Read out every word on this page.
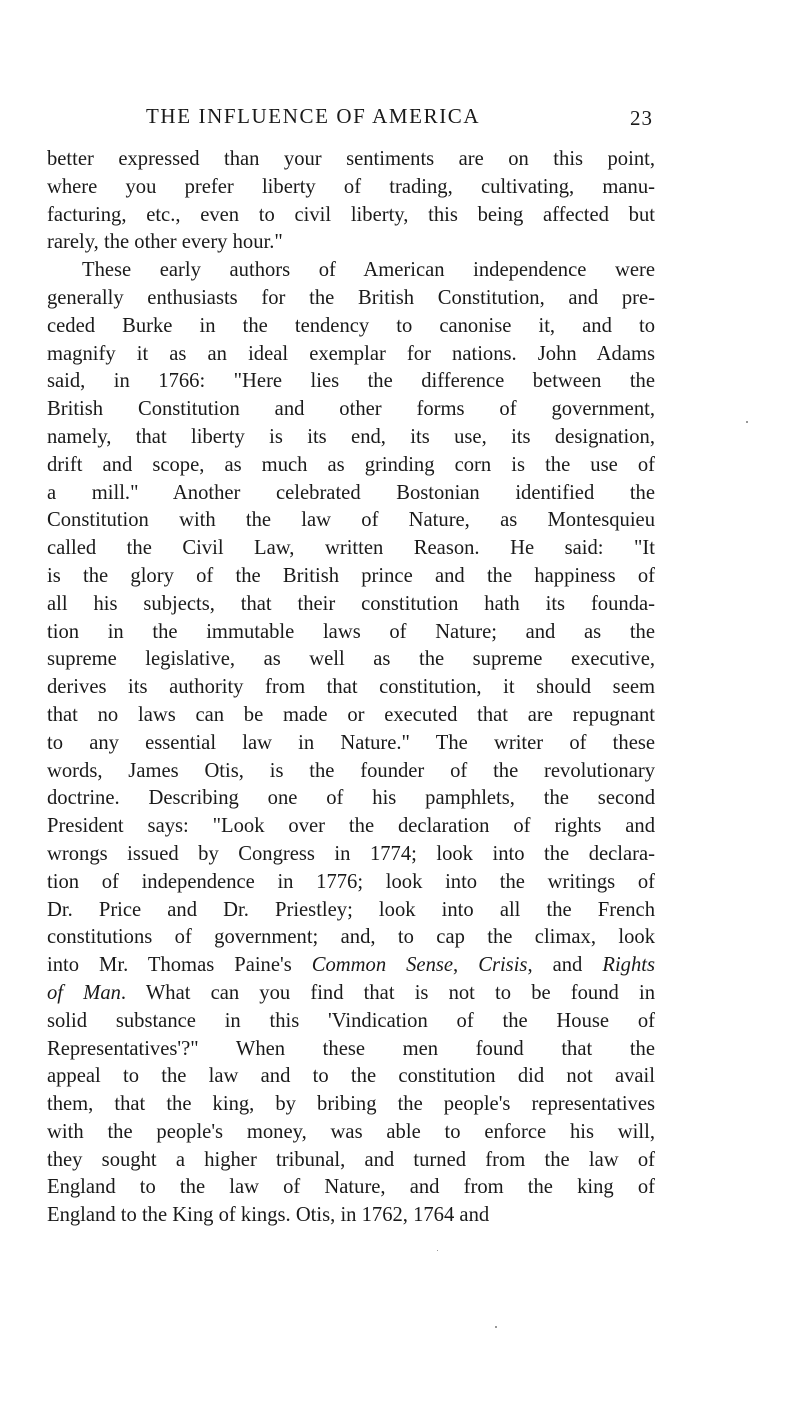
THE INFLUENCE OF AMERICA	23
better expressed than your sentiments are on this point,
where you prefer liberty of trading, cultivating, manu-
facturing, etc., even to civil liberty, this being affected but
rarely, the other every hour."
These early authors of American independence were
generally enthusiasts for the British Constitution, and pre-
ceded Burke in the tendency to canonise it, and to
magnify it as an ideal exemplar for nations. John Adams
said, in 1766: "Here lies the difference between the
British Constitution and other forms of government,
namely, that liberty is its end, its use, its designation,
drift and scope, as much as grinding corn is the use of
a mill." Another celebrated Bostonian identified the
Constitution with the law of Nature, as Montesquieu
called the Civil Law, written Reason. He said: "It
is the glory of the British prince and the happiness of
all his subjects, that their constitution hath its founda-
tion in the immutable laws of Nature; and as the
supreme legislative, as well as the supreme executive,
derives its authority from that constitution, it should seem
that no laws can be made or executed that are repugnant
to any essential law in Nature." The writer of these
words, James Otis, is the founder of the revolutionary
doctrine. Describing one of his pamphlets, the second
President says: "Look over the declaration of rights and
wrongs issued by Congress in 1774; look into the declara-
tion of independence in 1776; look into the writings of
Dr. Price and Dr. Priestley; look into all the French
constitutions of government; and, to cap the climax, look
into Mr. Thomas Paine's Common Sense, Crisis, and Rights
of Man. What can you find that is not to be found in
solid substance in this 'Vindication of the House of
Representatives'?" When these men found that the
appeal to the law and to the constitution did not avail
them, that the king, by bribing the people's representatives
with the people's money, was able to enforce his will,
they sought a higher tribunal, and turned from the law of
England to the law of Nature, and from the king of
England to the King of kings. Otis, in 1762, 1764 and
